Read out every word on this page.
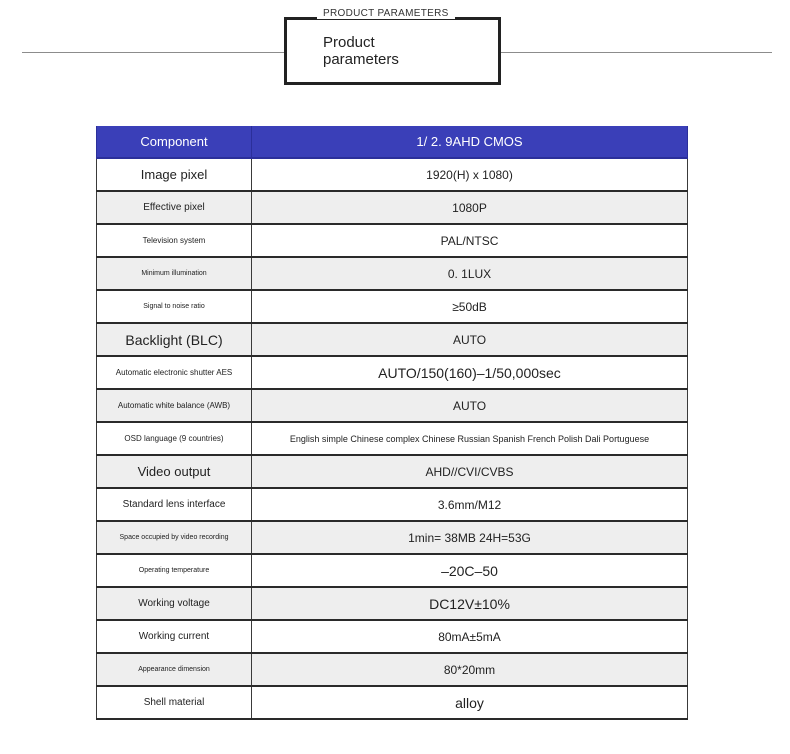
PRODUCT PARAMETERS
Product
parameters
Component	1/ 2. 9AHD CMOS
Image pixel	1920(H) x 1080)
Effective pixel	1080P
Television system	PAL/NTSC
Minimum illumination	0. 1LUX
Signal to noise ratio	≥50dB
Backlight (BLC)	AUTO
Automatic electronic shutter AES	AUTO/150(160)–1/50,000sec
Automatic white balance (AWB)	AUTO
OSD language (9 countries)	English simple Chinese complex Chinese Russian Spanish French Polish Dali Portuguese
Video output	AHD//CVI/CVBS
Standard lens interface	3.6mm/M12
Space occupied by video recording	1min= 38MB 24H=53G
Operating temperature	–20C–50
Working voltage	DC12V±10%
Working current	80mA±5mA
Appearance dimension	80*20mm
Shell material	alloy
